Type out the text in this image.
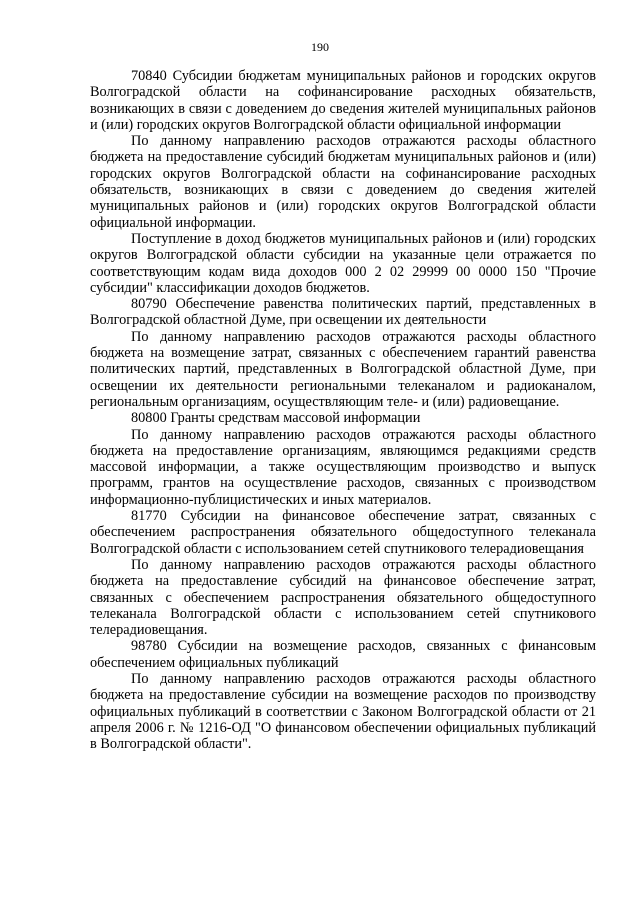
190

70840 Субсидии бюджетам муниципальных районов и городских округов Волгоградской области на софинансирование расходных обязательств, возникающих в связи с доведением до сведения жителей муниципальных районов и (или) городских округов Волгоградской области официальной информации

По данному направлению расходов отражаются расходы областного бюджета на предоставление субсидий бюджетам муниципальных районов и (или) городских округов Волгоградской области на софинансирование расходных обязательств, возникающих в связи с доведением до сведения жителей муниципальных районов и (или) городских округов Волгоградской области официальной информации.

Поступление в доход бюджетов муниципальных районов и (или) городских округов Волгоградской области субсидии на указанные цели отражается по соответствующим кодам вида доходов 000 2 02 29999 00 0000 150 "Прочие субсидии" классификации доходов бюджетов.

80790 Обеспечение равенства политических партий, представленных в Волгоградской областной Думе, при освещении их деятельности

По данному направлению расходов отражаются расходы областного бюджета на возмещение затрат, связанных с обеспечением гарантий равенства политических партий, представленных в Волгоградской областной Думе, при освещении их деятельности региональными телеканалом и радиоканалом, региональным организациям, осуществляющим теле- и (или) радиовещание.

80800 Гранты средствам массовой информации

По данному направлению расходов отражаются расходы областного бюджета на предоставление организациям, являющимся редакциями средств массовой информации, а также осуществляющим производство и выпуск программ, грантов на осуществление расходов, связанных с производством информационно-публицистических и иных материалов.

81770 Субсидии на финансовое обеспечение затрат, связанных с обеспечением распространения обязательного общедоступного телеканала Волгоградской области с использованием сетей спутникового телерадиовещания

По данному направлению расходов отражаются расходы областного бюджета на предоставление субсидий на финансовое обеспечение затрат, связанных с обеспечением распространения обязательного общедоступного телеканала Волгоградской области с использованием сетей спутникового телерадиовещания.

98780 Субсидии на возмещение расходов, связанных с финансовым обеспечением официальных публикаций

По данному направлению расходов отражаются расходы областного бюджета на предоставление субсидии на возмещение расходов по производству официальных публикаций в соответствии с Законом Волгоградской области от 21 апреля 2006 г. № 1216-ОД "О финансовом обеспечении официальных публикаций в Волгоградской области".
